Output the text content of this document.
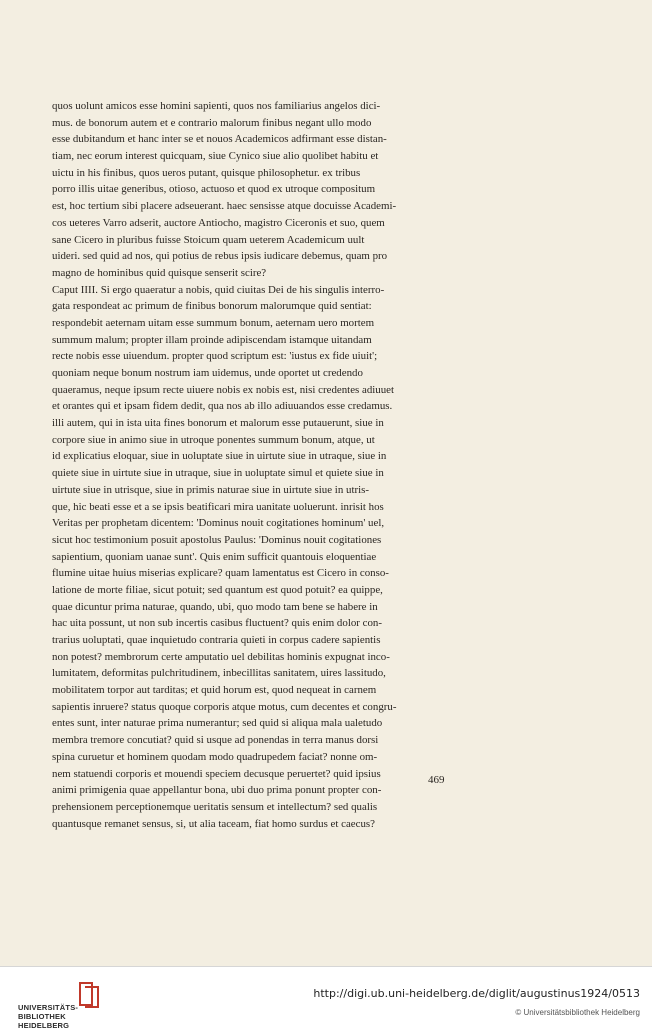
quos uolunt amicos esse homini sapienti, quos nos familiarius angelos dici-
mus. de bonorum autem et e contrario malorum finibus negant ullo modo
esse dubitandum et hanc inter se et nouos Academicos adfirmant esse distan-
tiam, nec eorum interest quicquam, siue Cynico siue alio quolibet habitu et
uictu in his finibus, quos ueros putant, quisque philosophetur. ex tribus
porro illis uitae generibus, otioso, actuoso et quod ex utroque compositum
est, hoc tertium sibi placere adseuerant. haec sensisse atque docuisse Academi-
cos ueteres Varro adserit, auctore Antiocho, magistro Ciceronis et suo, quem
sane Cicero in pluribus fuisse Stoicum quam ueterem Academicum uult
uideri. sed quid ad nos, qui potius de rebus ipsis iudicare debemus, quam pro
magno de hominibus quid quisque senserit scire?
Caput IIII. Si ergo quaeratur a nobis, quid ciuitas Dei de his singulis interro-
gata respondeat ac primum de finibus bonorum malorumque quid sentiat:
respondebit aeternam uitam esse summum bonum, aeternam uero mortem
summum malum; propter illam proinde adipiscendam istamque uitandam
recte nobis esse uiuendum. propter quod scriptum est: 'iustus ex fide uiuit';
quoniam neque bonum nostrum iam uidemus, unde oportet ut credendo
quaeramus, neque ipsum recte uiuere nobis ex nobis est, nisi credentes adiuuet
et orantes qui et ipsam fidem dedit, qua nos ab illo adiuuandos esse credamus.
illi autem, qui in ista uita fines bonorum et malorum esse putauerunt, siue in
corpore siue in animo siue in utroque ponentes summum bonum, atque, ut
id explicatius eloquar, siue in uoluptate siue in uirtute siue in utraque, siue in
quiete siue in uirtute siue in utraque, siue in uoluptate simul et quiete siue in
uirtute siue in utrisque, siue in primis naturae siue in uirtute siue in utris-
que, hic beati esse et a se ipsis beatificari mira uanitate uoluerunt. inrisit hos
Veritas per prophetam dicentem: 'Dominus nouit cogitationes hominum' uel,
sicut hoc testimonium posuit apostolus Paulus: 'Dominus nouit cogitationes
sapientium, quoniam uanae sunt'. Quis enim sufficit quantouis eloquentiae
flumine uitae huius miserias explicare? quam lamentatus est Cicero in conso-
latione de morte filiae, sicut potuit; sed quantum est quod potuit? ea quippe,
quae dicuntur prima naturae, quando, ubi, quo modo tam bene se habere in
hac uita possunt, ut non sub incertis casibus fluctuent? quis enim dolor con-
trarius uoluptati, quae inquietudo contraria quieti in corpus cadere sapientis
non potest? membrorum certe amputatio uel debilitas hominis expugnat inco-
lumitatem, deformitas pulchritudinem, inbecillitas sanitatem, uires lassitudo,
mobilitatem torpor aut tarditas; et quid horum est, quod nequeat in carnem
sapientis inruere? status quoque corporis atque motus, cum decentes et congru-
entes sunt, inter naturae prima numerantur; sed quid si aliqua mala ualetudo
membra tremore concutiat? quid si usque ad ponendas in terra manus dorsi
spina curuetur et hominem quodam modo quadrupedem faciat? nonne om-
nem statuendi corporis et mouendi speciem decusque peruertet? quid ipsius
animi primigenia quae appellantur bona, ubi duo prima ponunt propter con-
prehensionem perceptionemque ueritatis sensum et intellectum? sed qualis
quantusque remanet sensus, si, ut alia taceam, fiat homo surdus et caecus?
469
UNIVERSITÄTS-
BIBLIOTHEK
HEIDELBERG
http://digi.ub.uni-heidelberg.de/diglit/augustinus1924/0513
© Universitätsbibliothek Heidelberg
